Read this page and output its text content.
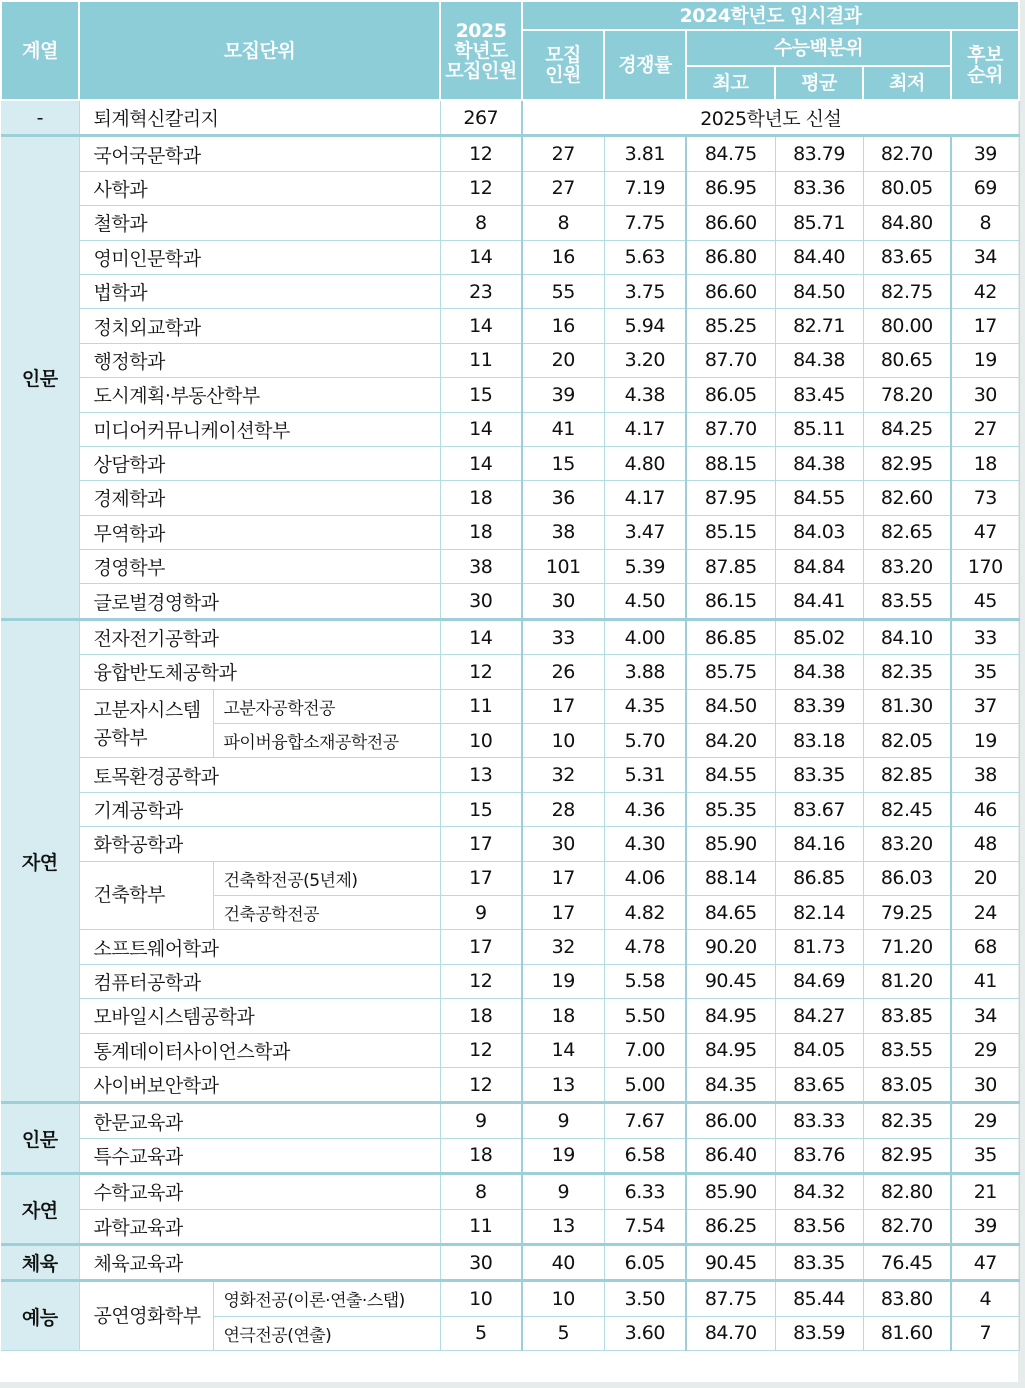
계열	모집단위		2025 학년도 모집인원	2024학년도 입시결과					
				모집 인원	경쟁률	수능백분위			후보 순위
						최고	평균	최저	
-	퇴계혁신칼리지		267	2025학년도 신설					
인문	국어국문학과		12	27	3.81	84.75	83.79	82.70	39
	사학과		12	27	7.19	86.95	83.36	80.05	69
	철학과		8	8	7.75	86.60	85.71	84.80	8
	영미인문학과		14	16	5.63	86.80	84.40	83.65	34
	법학과		23	55	3.75	86.60	84.50	82.75	42
	정치외교학과		14	16	5.94	85.25	82.71	80.00	17
	행정학과		11	20	3.20	87.70	84.38	80.65	19
	도시계획·부동산학부		15	39	4.38	86.05	83.45	78.20	30
	미디어커뮤니케이션학부		14	41	4.17	87.70	85.11	84.25	27
	상담학과		14	15	4.80	88.15	84.38	82.95	18
	경제학과		18	36	4.17	87.95	84.55	82.60	73
	무역학과		18	38	3.47	85.15	84.03	82.65	47
	경영학부		38	101	5.39	87.85	84.84	83.20	170
	글로벌경영학과		30	30	4.50	86.15	84.41	83.55	45
자연	전자전기공학과		14	33	4.00	86.85	85.02	84.10	33
	융합반도체공학과		12	26	3.88	85.75	84.38	82.35	35
	고분자시스템 공학부	고분자공학전공	11	17	4.35	84.50	83.39	81.30	37
		파이버융합소재공학전공	10	10	5.70	84.20	83.18	82.05	19
	토목환경공학과		13	32	5.31	84.55	83.35	82.85	38
	기계공학과		15	28	4.36	85.35	83.67	82.45	46
	화학공학과		17	30	4.30	85.90	84.16	83.20	48
	건축학부	건축학전공(5년제)	17	17	4.06	88.14	86.85	86.03	20
		건축공학전공	9	17	4.82	84.65	82.14	79.25	24
	소프트웨어학과		17	32	4.78	90.20	81.73	71.20	68
	컴퓨터공학과		12	19	5.58	90.45	84.69	81.20	41
	모바일시스템공학과		18	18	5.50	84.95	84.27	83.85	34
	통계데이터사이언스학과		12	14	7.00	84.95	84.05	83.55	29
	사이버보안학과		12	13	5.00	84.35	83.65	83.05	30
인문	한문교육과		9	9	7.67	86.00	83.33	82.35	29
	특수교육과		18	19	6.58	86.40	83.76	82.95	35
자연	수학교육과		8	9	6.33	85.90	84.32	82.80	21
	과학교육과		11	13	7.54	86.25	83.56	82.70	39
체육	체육교육과		30	40	6.05	90.45	83.35	76.45	47
예능	공연영화학부	영화전공(이론·연출·스탭)	10	10	3.50	87.75	85.44	83.80	4
		연극전공(연출)	5	5	3.60	84.70	83.59	81.60	7
